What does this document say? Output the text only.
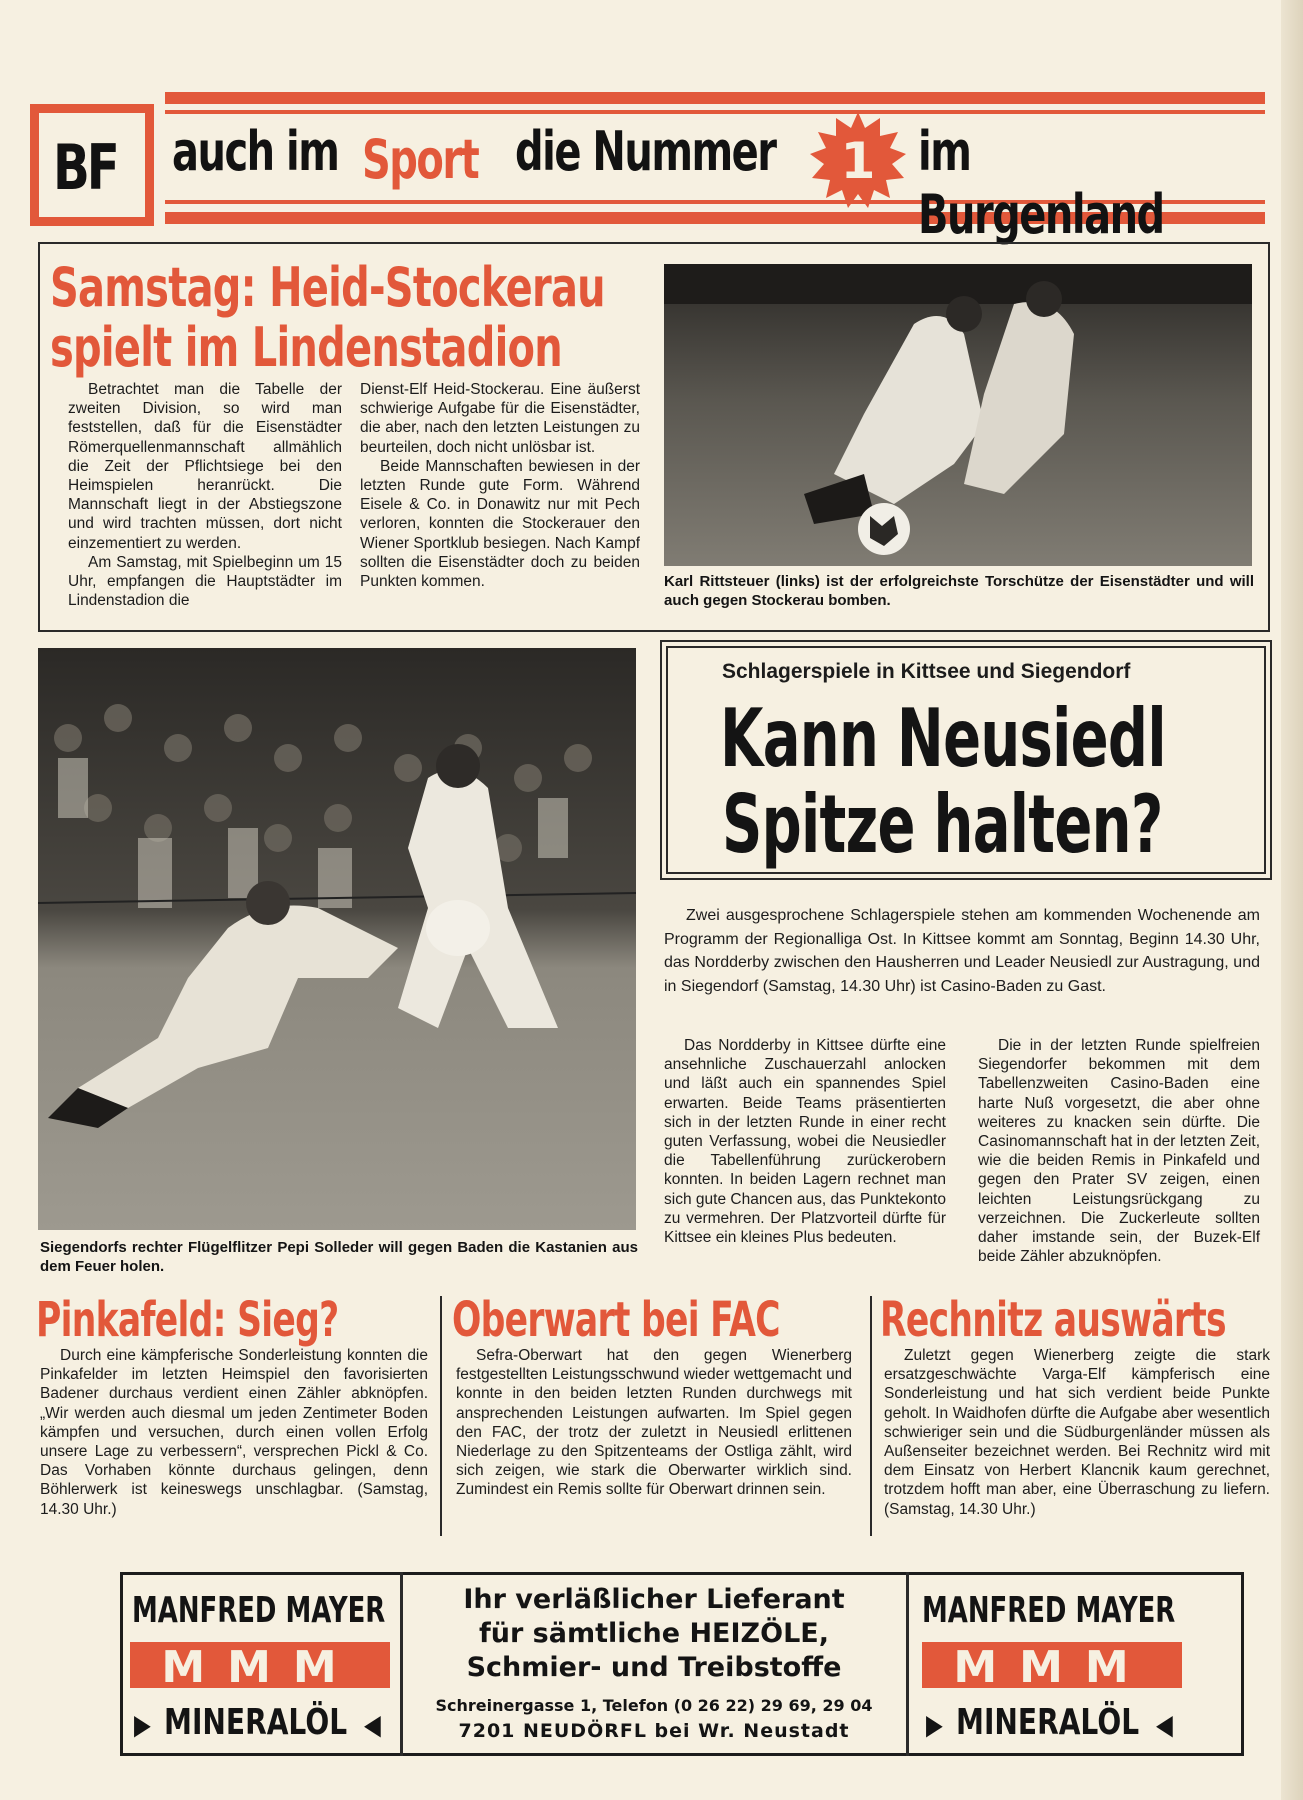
BF auch im Sport die Nummer 1 im Burgenland
Samstag: Heid-Stockerau
spielt im Lindenstadion

Betrachtet man die Tabelle der zweiten Division, so wird man feststellen, daß für die Eisenstädter Römerquellenmannschaft allmählich die Zeit der Pflichtsiege bei den Heimspielen heranrückt. Die Mannschaft liegt in der Abstiegszone und wird trachten müssen, dort nicht einzementiert zu werden.

Am Samstag, mit Spielbeginn um 15 Uhr, empfangen die Hauptstädter im Lindenstadion die

Dienst-Elf Heid-Stockerau. Eine äußerst schwierige Aufgabe für die Eisenstädter, die aber, nach den letzten Leistungen zu beurteilen, doch nicht unlösbar ist.

Beide Mannschaften bewiesen in der letzten Runde gute Form. Während Eisele & Co. in Donawitz nur mit Pech verloren, konnten die Stockerauer den Wiener Sportklub besiegen. Nach Kampf sollten die Eisenstädter doch zu beiden Punkten kommen.	Karl Rittsteuer (links) ist der erfolgreichste Torschütze der Eisenstädter und will auch gegen Stockerau bomben.
Siegendorfs rechter Flügelflitzer Pepi Solleder will gegen Baden die Kastanien aus dem Feuer holen.
Schlagerspiele in Kittsee und Siegendorf
Kann Neusiedl
Spitze halten?
Zwei ausgesprochene Schlagerspiele stehen am kommenden Wochenende am Programm der Regionalliga Ost. In Kittsee kommt am Sonntag, Beginn 14.30 Uhr, das Nordderby zwischen den Hausherren und Leader Neusiedl zur Austragung, und in Siegendorf (Samstag, 14.30 Uhr) ist Casino-Baden zu Gast.
Das Nordderby in Kittsee dürfte eine ansehnliche Zuschauerzahl anlocken und läßt auch ein spannendes Spiel erwarten. Beide Teams präsentierten sich in der letzten Runde in einer recht guten Verfassung, wobei die Neusiedler die Tabellenführung zurückerobern konnten. In beiden Lagern rechnet man sich gute Chancen aus, das Punktekonto zu vermehren. Der Platzvorteil dürfte für Kittsee ein kleines Plus bedeuten.
Die in der letzten Runde spielfreien Siegendorfer bekommen mit dem Tabellenzweiten Casino-Baden eine harte Nuß vorgesetzt, die aber ohne weiteres zu knacken sein dürfte. Die Casinomannschaft hat in der letzten Zeit, wie die beiden Remis in Pinkafeld und gegen den Prater SV zeigen, einen leichten Leistungsrückgang zu verzeichnen. Die Zuckerleute sollten daher imstande sein, der Buzek-Elf beide Zähler abzuknöpfen.
Pinkafeld: Sieg?
Durch eine kämpferische Sonderleistung konnten die Pinkafelder im letzten Heimspiel den favorisierten Badener durchaus verdient einen Zähler abknöpfen. „Wir werden auch diesmal um jeden Zentimeter Boden kämpfen und versuchen, durch einen vollen Erfolg unsere Lage zu verbessern“, versprechen Pickl & Co. Das Vorhaben könnte durchaus gelingen, denn Böhlerwerk ist keineswegs unschlagbar. (Samstag, 14.30 Uhr.)
Oberwart bei FAC
Sefra-Oberwart hat den gegen Wienerberg festgestellten Leistungsschwund wieder wettgemacht und konnte in den beiden letzten Runden durchwegs mit ansprechenden Leistungen aufwarten. Im Spiel gegen den FAC, der trotz der zuletzt in Neusiedl erlittenen Niederlage zu den Spitzenteams der Ostliga zählt, wird sich zeigen, wie stark die Oberwarter wirklich sind. Zumindest ein Remis sollte für Oberwart drinnen sein.
Rechnitz auswärts
Zuletzt gegen Wienerberg zeigte die stark ersatzgeschwächte Varga-Elf kämpferisch eine Sonderleistung und hat sich verdient beide Punkte geholt. In Waidhofen dürfte die Aufgabe aber wesentlich schwieriger sein und die Südburgenländer müssen als Außenseiter bezeichnet werden. Bei Rechnitz wird mit dem Einsatz von Herbert Klancnik kaum gerechnet, trotzdem hofft man aber, eine Überraschung zu liefern. (Samstag, 14.30 Uhr.)
MANFRED MAYER
MMM
▶ MINERALÖL ◀
Ihr verläßlicher Lieferant
für sämtliche HEIZÖLE,
Schmier- und Treibstoffe
Schreinergasse 1, Telefon (0 26 22) 29 69, 29 04
7201 NEUDÖRFL bei Wr. Neustadt
MANFRED MAYER
MMM
▶ MINERALÖL ◀
